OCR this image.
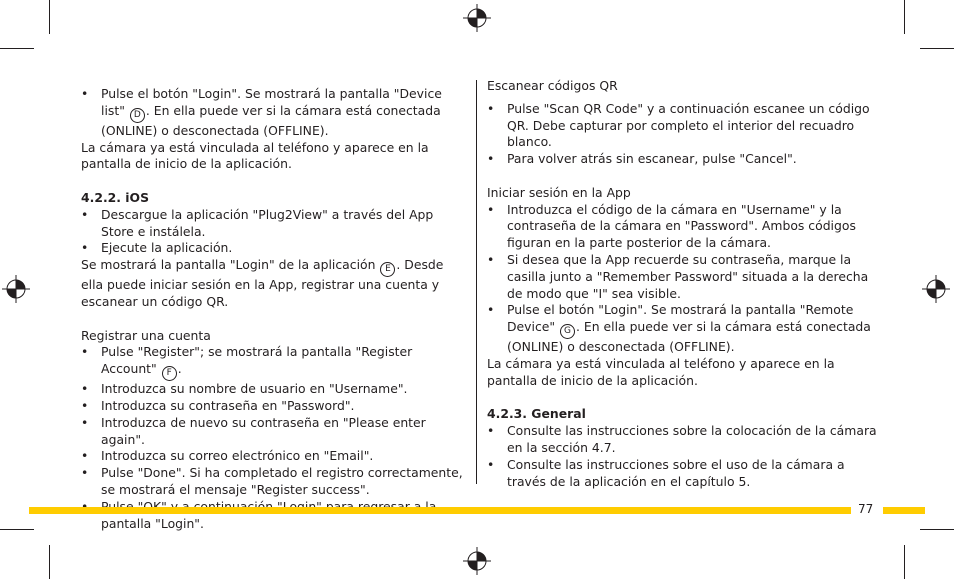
• Pulse el botón "Login". Se mostrará la pantalla "Device list" D . En ella puede ver si la cámara está conectada (ONLINE) o desconectada (OFFLINE).

La cámara ya está vinculada al teléfono y aparece en la pantalla de inicio de la aplicación.

4.2.2. iOS

• Descargue la aplicación "Plug2View" a través del App Store e instálela.
• Ejecute la aplicación.

Se mostrará la pantalla "Login" de la aplicación E . Desde ella puede iniciar sesión en la App, registrar una cuenta y escanear un código QR.

Registrar una cuenta

• Pulse "Register"; se mostrará la pantalla "Register Account" F .
• Introduzca su nombre de usuario en "Username".
• Introduzca su contraseña en "Password".
• Introduzca de nuevo su contraseña en "Please enter again".
• Introduzca su correo electrónico en "Email".
• Pulse "Done". Si ha completado el registro correctamente, se mostrará el mensaje "Register success".
• pantalla "Login".

Escanear códigos QR

• Pulse "Scan QR Code" y a continuación escanee un código QR. Debe capturar por completo el interior del recuadro blanco.
• Para volver atrás sin escanear, pulse "Cancel".

Iniciar sesión en la App

• Introduzca el código de la cámara en "Username" y la contraseña de la cámara en "Password". Ambos códigos figuran en la parte posterior de la cámara.
• Si desea que la App recuerde su contraseña, marque la casilla junto a "Remember Password" situada a la derecha de modo que "I" sea visible.
• Pulse el botón "Login". Se mostrará la pantalla "Remote Device" G . En ella puede ver si la cámara está conectada (ONLINE) o desconectada (OFFLINE).

La cámara ya está vinculada al teléfono y aparece en la pantalla de inicio de la aplicación.

4.2.3. General

• Consulte las instrucciones sobre la colocación de la cámara en la sección 4.7.
• Consulte las instrucciones sobre el uso de la cámara a través de la aplicación en el capítulo 5.
77
